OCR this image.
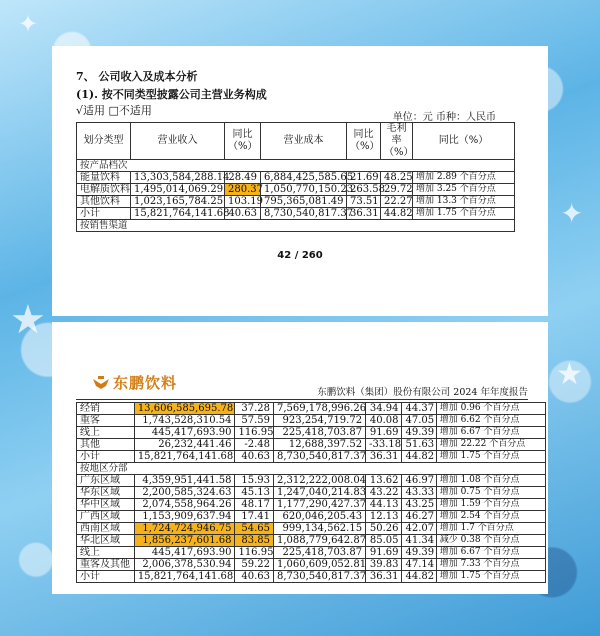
★
★
✦
✦
7、 公司收入及成本分析
(1). 按不同类型披露公司主营业务构成
√适用 □不适用
单位：元 币种：人民币
划分类型	营业收入	同比（%）	营业成本	同比（%）	毛利率（%）	同比（%）
按产品档次						
能量饮料	13,303,584,288.14	28.49	6,884,425,585.65	21.69	48.25	增加 2.89 个百分点
电解质饮料	1,495,014,069.29	280.37	1,050,770,150.23	263.58	29.72	增加 3.25 个百分点
其他饮料	1,023,165,784.25	103.19	795,365,081.49	73.51	22.27	增加 13.3 个百分点
小计	15,821,764,141.68	40.63	8,730,540,817.37	36.31	44.82	增加 1.75 个百分点
按销售渠道						
42 / 260
东鹏饮料
东鹏饮料（集团）股份有限公司 2024 年年度报告
经销	13,606,585,695.78	37.28	7,569,178,996.26	34.94	44.37	增加 0.96 个百分点
重客	1,743,528,310.54	57.59	923,254,719.72	40.08	47.05	增加 6.62 个百分点
线上	445,417,693.90	116.95	225,418,703.87	91.69	49.39	增加 6.67 个百分点
其他	26,232,441.46	-2.48	12,688,397.52	-33.18	51.63	增加 22.22 个百分点
小计	15,821,764,141.68	40.63	8,730,540,817.37	36.31	44.82	增加 1.75 个百分点
按地区分部						
广东区域	4,359,951,441.58	15.93	2,312,222,008.04	13.62	46.97	增加 1.08 个百分点
华东区域	2,200,585,324.63	45.13	1,247,040,214.83	43.22	43.33	增加 0.75 个百分点
华中区域	2,074,558,964.26	48.17	1,177,290,427.37	44.13	43.25	增加 1.59 个百分点
广西区域	1,153,909,637.94	17.41	620,046,205.43	12.13	46.27	增加 2.54 个百分点
西南区域	1,724,724,946.75	54.65	999,134,562.15	50.26	42.07	增加 1.7 个百分点
华北区域	1,856,237,601.68	83.85	1,088,779,642.87	85.05	41.34	减少 0.38 个百分点
线上	445,417,693.90	116.95	225,418,703.87	91.69	49.39	增加 6.67 个百分点
重客及其他	2,006,378,530.94	59.22	1,060,609,052.81	39.83	47.14	增加 7.33 个百分点
小计	15,821,764,141.68	40.63	8,730,540,817.37	36.31	44.82	增加 1.75 个百分点
